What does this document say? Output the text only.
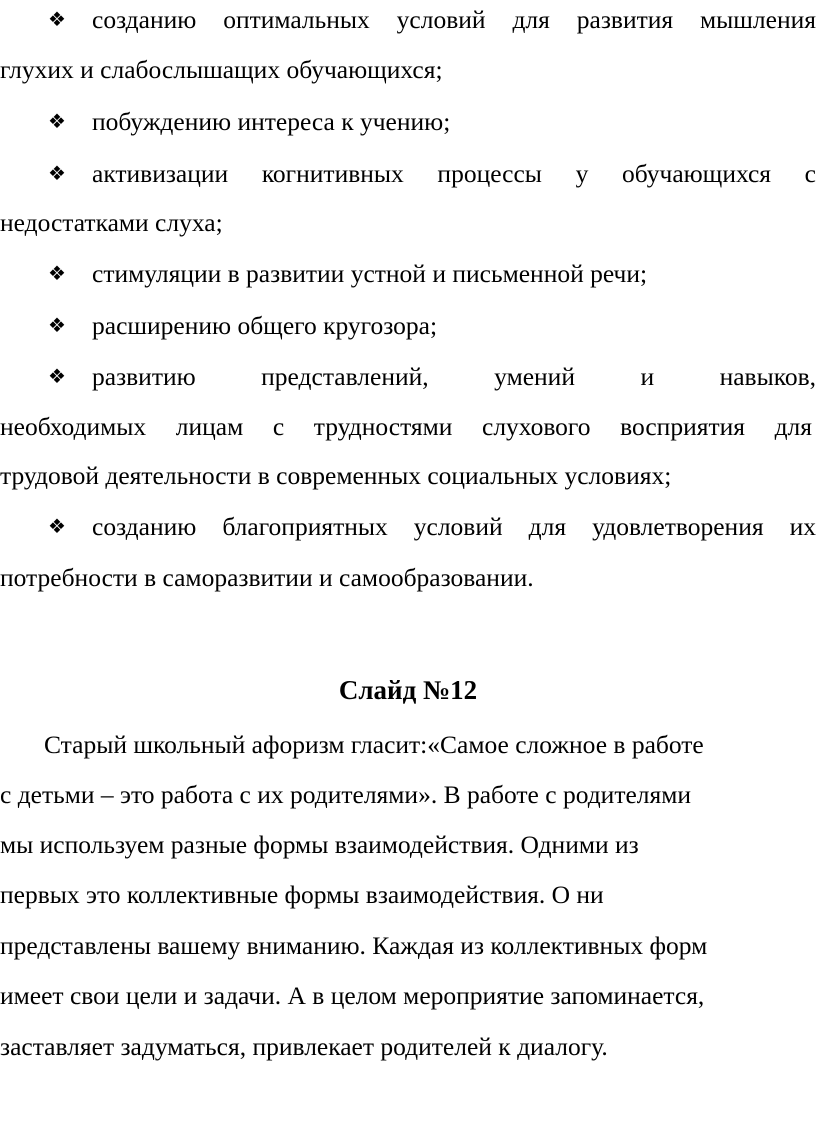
❖ созданию оптимальных условий для развития мышления
глухих и слабослышащих обучающихся;
❖ побуждению интереса к учению;
❖ активизации когнитивных процессы у обучающихся с
недостатками слуха;
❖ стимуляции в развитии устной и письменной речи;
❖ расширению общего кругозора;
❖ развитию представлений, умений и навыков,
необходимых лицам с трудностями слухового восприятия для
трудовой деятельности в современных социальных условиях;
❖ созданию благоприятных условий для удовлетворения их
потребности в саморазвитии и самообразовании.
Слайд №12
Старый школьный афоризм гласит:«Самое сложное в работе
с детьми – это работа с их родителями». В работе с родителями
мы используем разные формы взаимодействия. Одними из
первых это коллективные формы взаимодействия. О ни
представлены вашему вниманию. Каждая из коллективных форм
имеет свои цели и задачи. А в целом мероприятие запоминается,
заставляет задуматься, привлекает родителей к диалогу.
